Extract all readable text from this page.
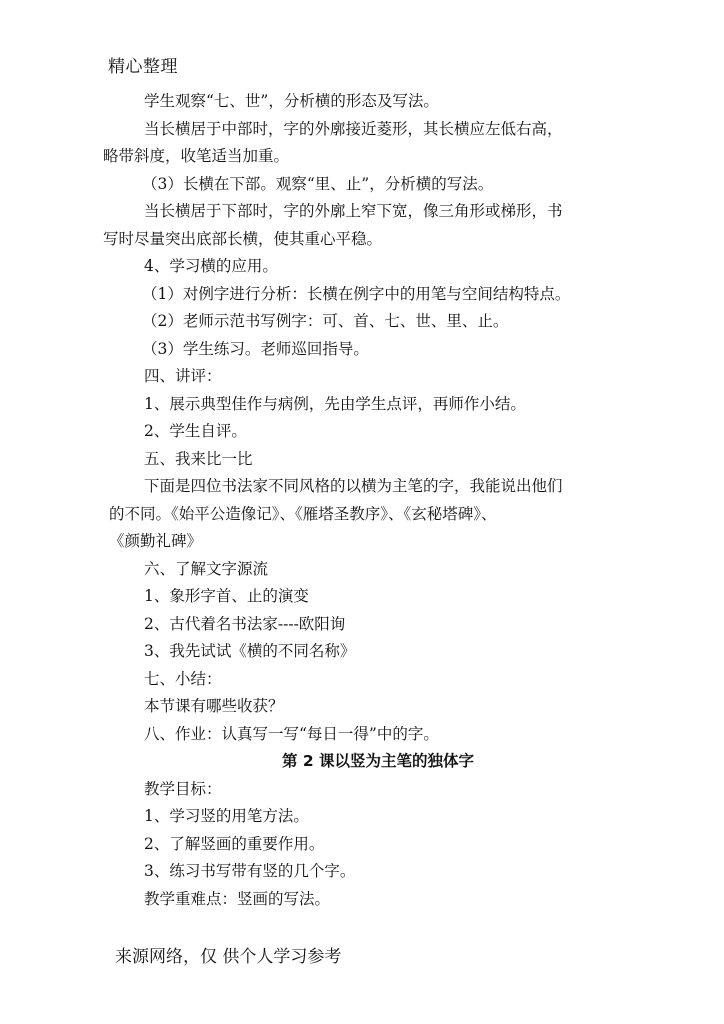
精心整理

学生观察“七、世”，分析横的形态及写法。

当长横居于中部时，字的外廓接近菱形，其长横应左低右高，

略带斜度，收笔适当加重。

（3）长横在下部。观察“里、止”，分析横的写法。

当长横居于下部时，字的外廓上窄下宽，像三角形或梯形，书

写时尽量突出底部长横，使其重心平稳。

4、学习横的应用。

（1）对例字进行分析：长横在例字中的用笔与空间结构特点。

（2）老师示范书写例字：可、首、七、世、里、止。

（3）学生练习。老师巡回指导。

四、讲评：

1、展示典型佳作与病例，先由学生点评，再师作小结。

2、学生自评。

五、我来比一比

下面是四位书法家不同风格的以横为主笔的字，我能说出他们

的不同。《始平公造像记》、《雁塔圣教序》、《玄秘塔碑》、

《颜勤礼碑》

六、了解文字源流

1、象形字首、止的演变

2、古代着名书法家----欧阳询

3、我先试试《横的不同名称》

七、小结：

本节课有哪些收获？

八、作业：认真写一写“每日一得”中的字。

第 2 课以竖为主笔的独体字

教学目标：

1、学习竖的用笔方法。

2、了解竖画的重要作用。

3、练习书写带有竖的几个字。

教学重难点：竖画的写法。

来源网络，仅 供个人学习参考
